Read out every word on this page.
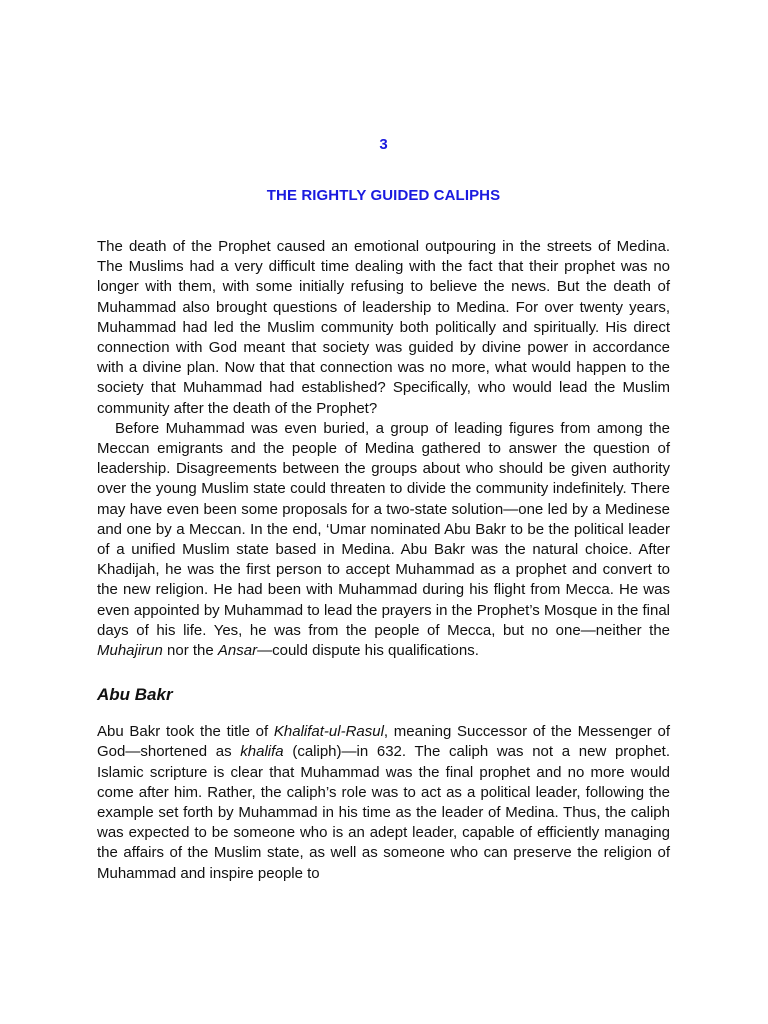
3
THE RIGHTLY GUIDED CALIPHS

The death of the Prophet caused an emotional outpouring in the streets of Medina. The Muslims had a very difficult time dealing with the fact that their prophet was no longer with them, with some initially refusing to believe the news. But the death of Muhammad also brought questions of leadership to Medina. For over twenty years, Muhammad had led the Muslim community both politically and spiritually. His direct connection with God meant that society was guided by divine power in accordance with a divine plan. Now that that connection was no more, what would happen to the society that Muhammad had established? Specifically, who would lead the Muslim community after the death of the Prophet?

Before Muhammad was even buried, a group of leading figures from among the Meccan emigrants and the people of Medina gathered to answer the question of leadership. Disagreements between the groups about who should be given authority over the young Muslim state could threaten to divide the community indefinitely. There may have even been some proposals for a two-state solution—one led by a Medinese and one by a Meccan. In the end, ‘Umar nominated Abu Bakr to be the political leader of a unified Muslim state based in Medina. Abu Bakr was the natural choice. After Khadijah, he was the first person to accept Muhammad as a prophet and convert to the new religion. He had been with Muhammad during his flight from Mecca. He was even appointed by Muhammad to lead the prayers in the Prophet’s Mosque in the final days of his life. Yes, he was from the people of Mecca, but no one—neither the Muhajirun nor the Ansar—could dispute his qualifications.

Abu Bakr

Abu Bakr took the title of Khalifat-ul-Rasul, meaning Successor of the Messenger of God—shortened as khalifa (caliph)—in 632. The caliph was not a new prophet. Islamic scripture is clear that Muhammad was the final prophet and no more would come after him. Rather, the caliph’s role was to act as a political leader, following the example set forth by Muhammad in his time as the leader of Medina. Thus, the caliph was expected to be someone who is an adept leader, capable of efficiently managing the affairs of the Muslim state, as well as someone who can preserve the religion of Muhammad and inspire people to
